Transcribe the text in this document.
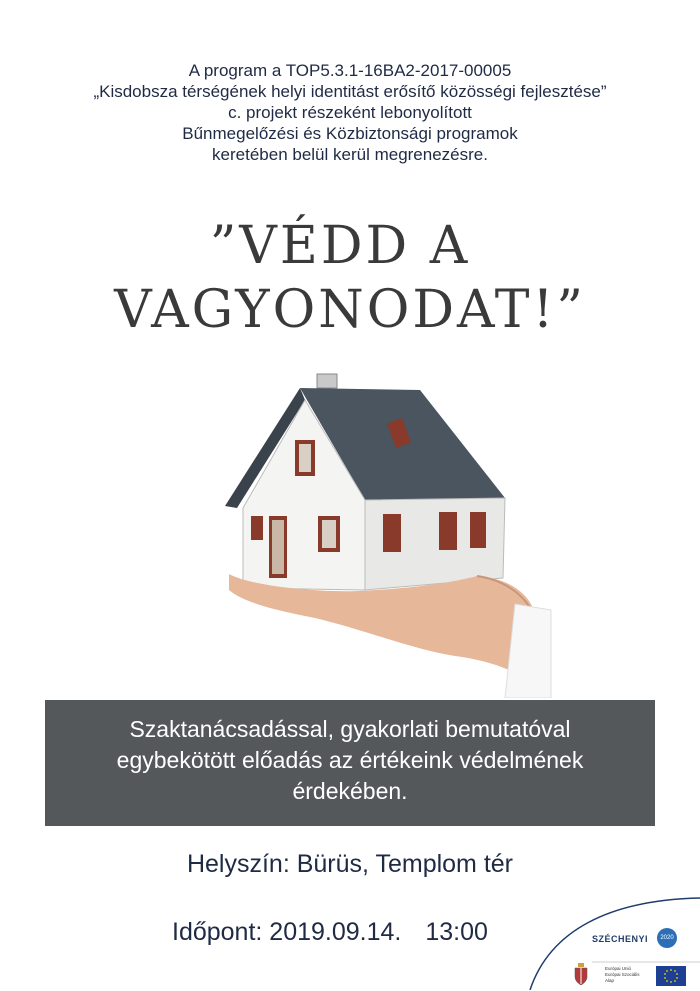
A program a TOP5.3.1-16BA2-2017-00005
„Kisdobsza térségének helyi identitást erősítő közösségi fejlesztése”
c. projekt részeként lebonyolított
Bűnmegelőzési és Közbiztonsági programok
keretében belül kerül megrenezésre.
”VÉDD A
VAGYONODAT!”
Szaktanácsadással, gyakorlati bemutatóval
egybekötött előadás az értékeink védelmének
érdekében.
Helyszín: Bürüs, Templom tér
Időpont: 2019.09.14. 13:00	SZÉCHENYI	2020
Európai Unió
Európai Szociális
Alap
